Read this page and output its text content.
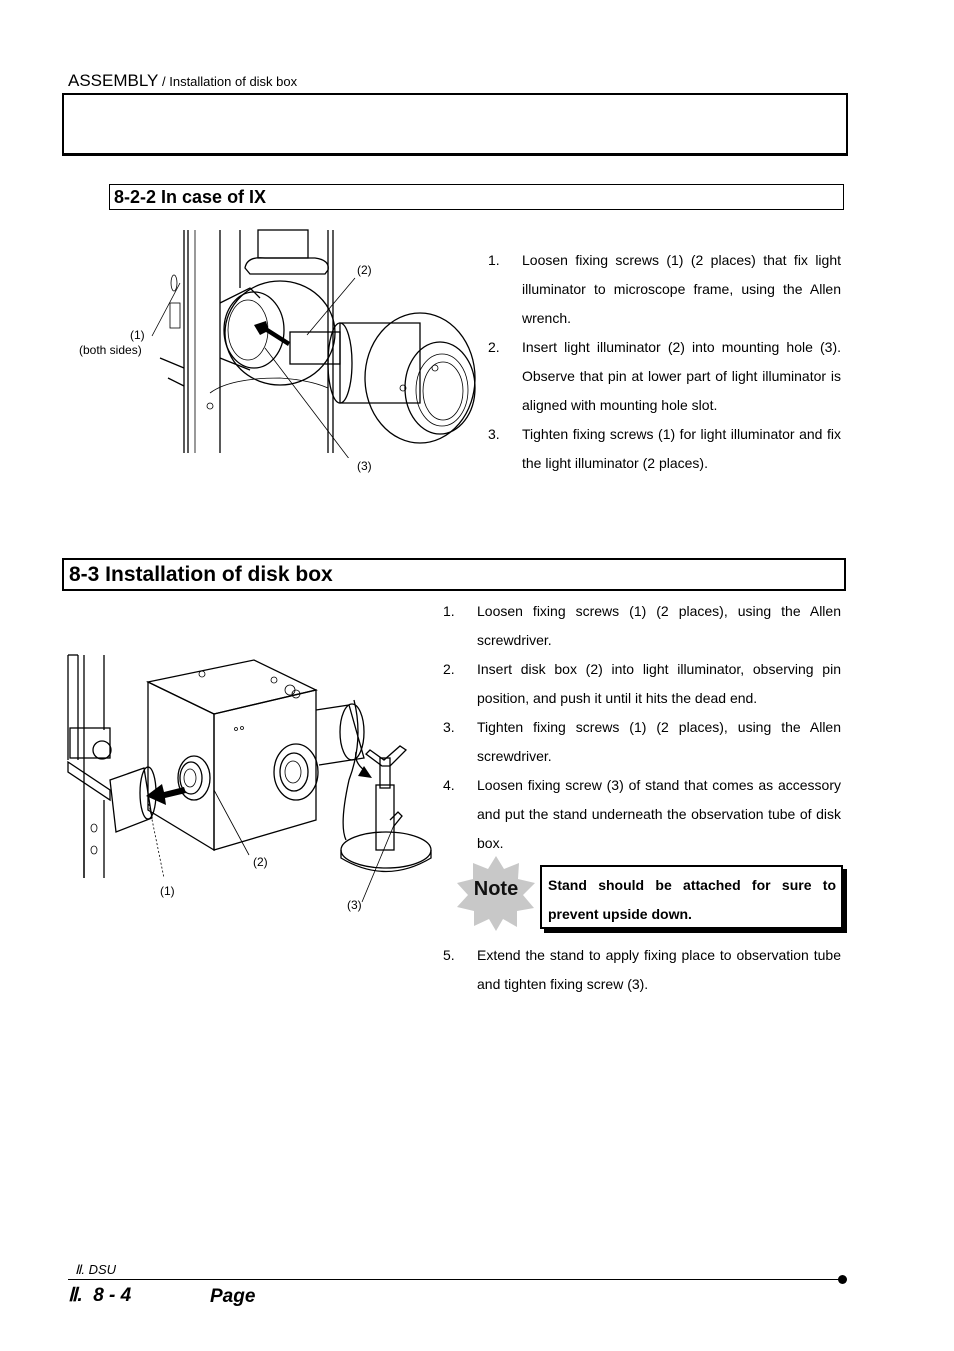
ASSEMBLY / Installation of disk box
8-2-2 In case of IX
(2)
(3)
(1)
(both sides)
1. Loosen fixing screws (1) (2 places) that fix light illuminator to microscope frame, using the Allen wrench.
2. Insert light illuminator (2) into mounting hole (3). Observe that pin at lower part of light illuminator is aligned with mounting hole slot.
3. Tighten fixing screws (1) for light illuminator and fix the light illuminator (2 places).
8-3 Installation of disk box
(2)
(1)
(3)
1. Loosen fixing screws (1) (2 places), using the Allen screwdriver.
2. Insert disk box (2) into light illuminator, observing pin position, and push it until it hits the dead end.
3. Tighten fixing screws (1) (2 places), using the Allen screwdriver.
4. Loosen fixing screw (3) of stand that comes as accessory and put the stand underneath the observation tube of disk box.
Note	Stand should be attached for sure to prevent upside down.
5. Extend the stand to apply fixing place to observation tube and tighten fixing screw (3).
Ⅱ. DSU
Ⅱ.  8 - 4	Page
